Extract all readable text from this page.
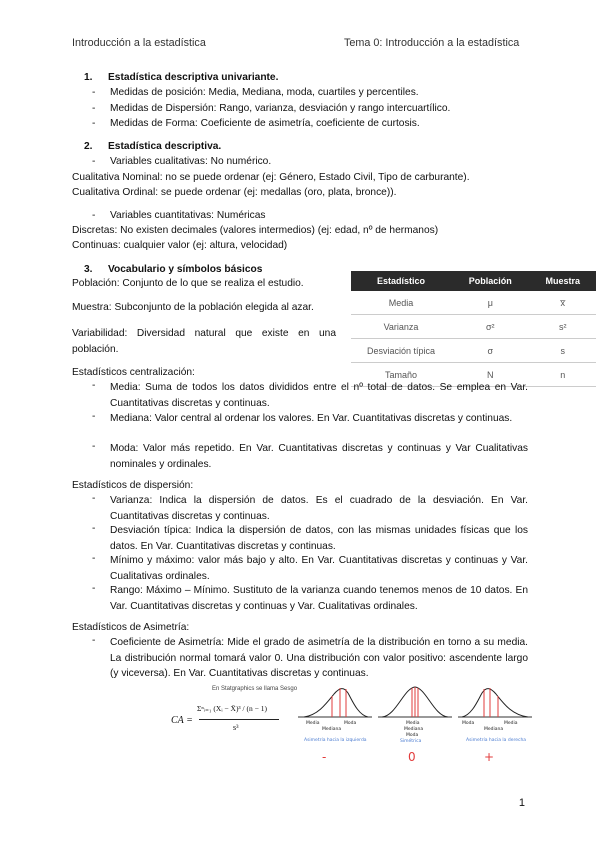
Introducción a la estadística	Tema 0: Introducción a la estadística
1. Estadística descriptiva univariante.
- Medidas de posición: Media, Mediana, moda, cuartiles y percentiles.
- Medidas de Dispersión: Rango, varianza, desviación y rango intercuartílico.
- Medidas de Forma: Coeficiente de asimetría, coeficiente de curtosis.
2. Estadística descriptiva.
- Variables cualitativas: No numérico.
Cualitativa Nominal: no se puede ordenar (ej: Género, Estado Civil, Tipo de carburante).
Cualitativa Ordinal: se puede ordenar (ej: medallas (oro, plata, bronce)).
- Variables cuantitativas: Numéricas
Discretas: No existen decimales (valores intermedios) (ej: edad, nº de hermanos)
Continuas: cualquier valor (ej: altura, velocidad)
3. Vocabulario y símbolos básicos
Población: Conjunto de lo que se realiza el estudio.
Muestra: Subconjunto de la población elegida al azar.
Variabilidad: Diversidad natural que existe en una población.
Estadístico	Población	Muestra
Media	μ	x̅
Varianza	σ²	s²
Desviación típica	σ	s
Tamaño	N	n
Estadísticos centralización:
- Media: Suma de todos los datos divididos entre el nº total de datos. Se emplea en Var. Cuantitativas discretas y continuas.
- Mediana: Valor central al ordenar los valores. En Var. Cuantitativas discretas y continuas.
- Moda: Valor más repetido. En Var. Cuantitativas discretas y continuas y Var Cualitativas nominales y ordinales.
Estadísticos de dispersión:
- Varianza: Indica la dispersión de datos. Es el cuadrado de la desviación. En Var. Cuantitativas discretas y continuas.
- Desviación típica: Indica la dispersión de datos, con las mismas unidades físicas que los datos. En Var. Cuantitativas discretas y continuas.
- Mínimo y máximo: valor más bajo y alto. En Var. Cuantitativas discretas y continuas y Var. Cualitativas ordinales.
- Rango: Máximo – Mínimo. Sustituto de la varianza cuando tenemos menos de 10 datos. En Var. Cuantitativas discretas y continuas y Var. Cualitativas ordinales.
Estadísticos de Asimetría:
- Coeficiente de Asimetría: Mide el grado de asimetría de la distribución en torno a su media. La distribución normal tomará valor 0. Una distribución con valor positivo: ascendente largo (y viceversa). En Var. Cuantitativas discretas y continuas.
En Statgraphics se llama Sesgo
CA =
Σⁿᵢ₌₁ (Xᵢ − X̄)³ / (n − 1)
s³	Media
Mediana
Moda
Asimetría hacia la izquierda
-
Media
Mediana
Moda
Simétrica
0
Moda
Mediana
Media
Asimetría hacia la derecha
+
1
